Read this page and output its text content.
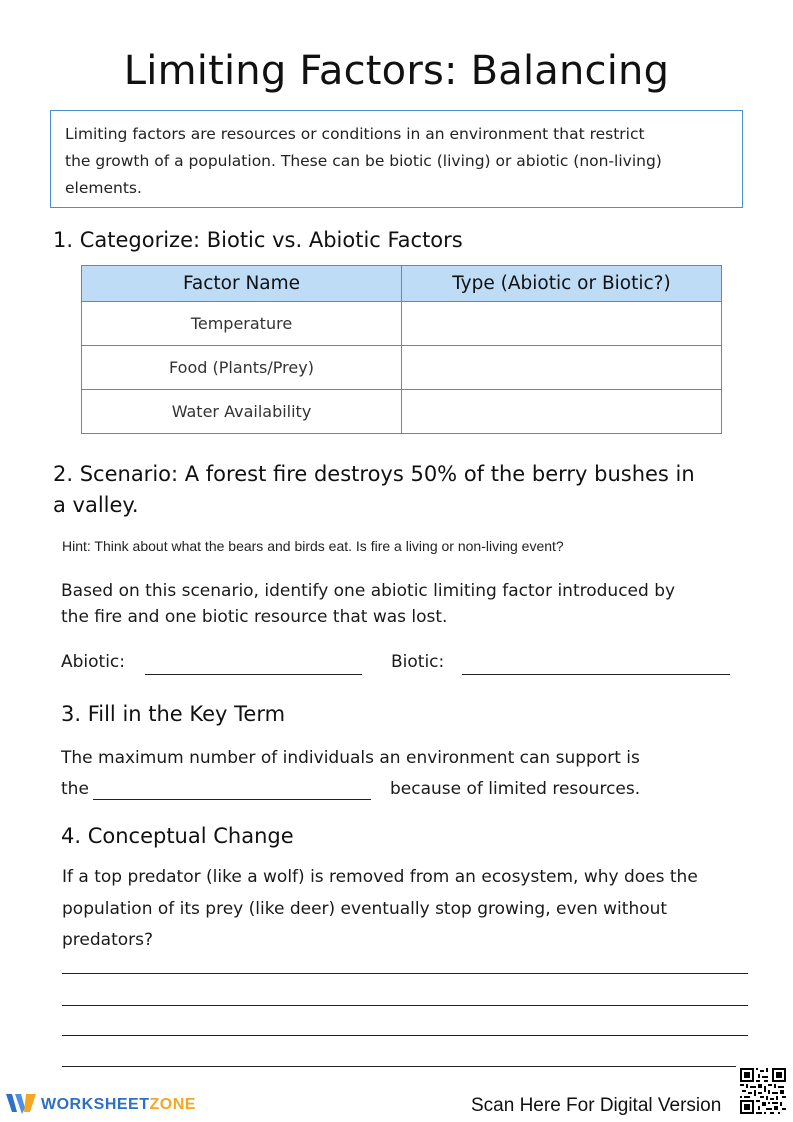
Limiting Factors: Balancing
Limiting factors are resources or conditions in an environment that restrict
the growth of a population. These can be biotic (living) or abiotic (non-living)
elements.
1. Categorize: Biotic vs. Abiotic Factors
Factor Name	Type (Abiotic or Biotic?)
Temperature	
Food (Plants/Prey)	
Water Availability	
2. Scenario: A forest fire destroys 50% of the berry bushes in
a valley.
Hint: Think about what the bears and birds eat. Is fire a living or non-living event?
Based on this scenario, identify one abiotic limiting factor introduced by
the fire and one biotic resource that was lost.
Abiotic:	Biotic:
3. Fill in the Key Term
The maximum number of individuals an environment can support is
the	because of limited resources.
4. Conceptual Change
If a top predator (like a wolf) is removed from an ecosystem, why does the
population of its prey (like deer) eventually stop growing, even without
predators?
WORKSHEETZONE	Scan Here For Digital Version
